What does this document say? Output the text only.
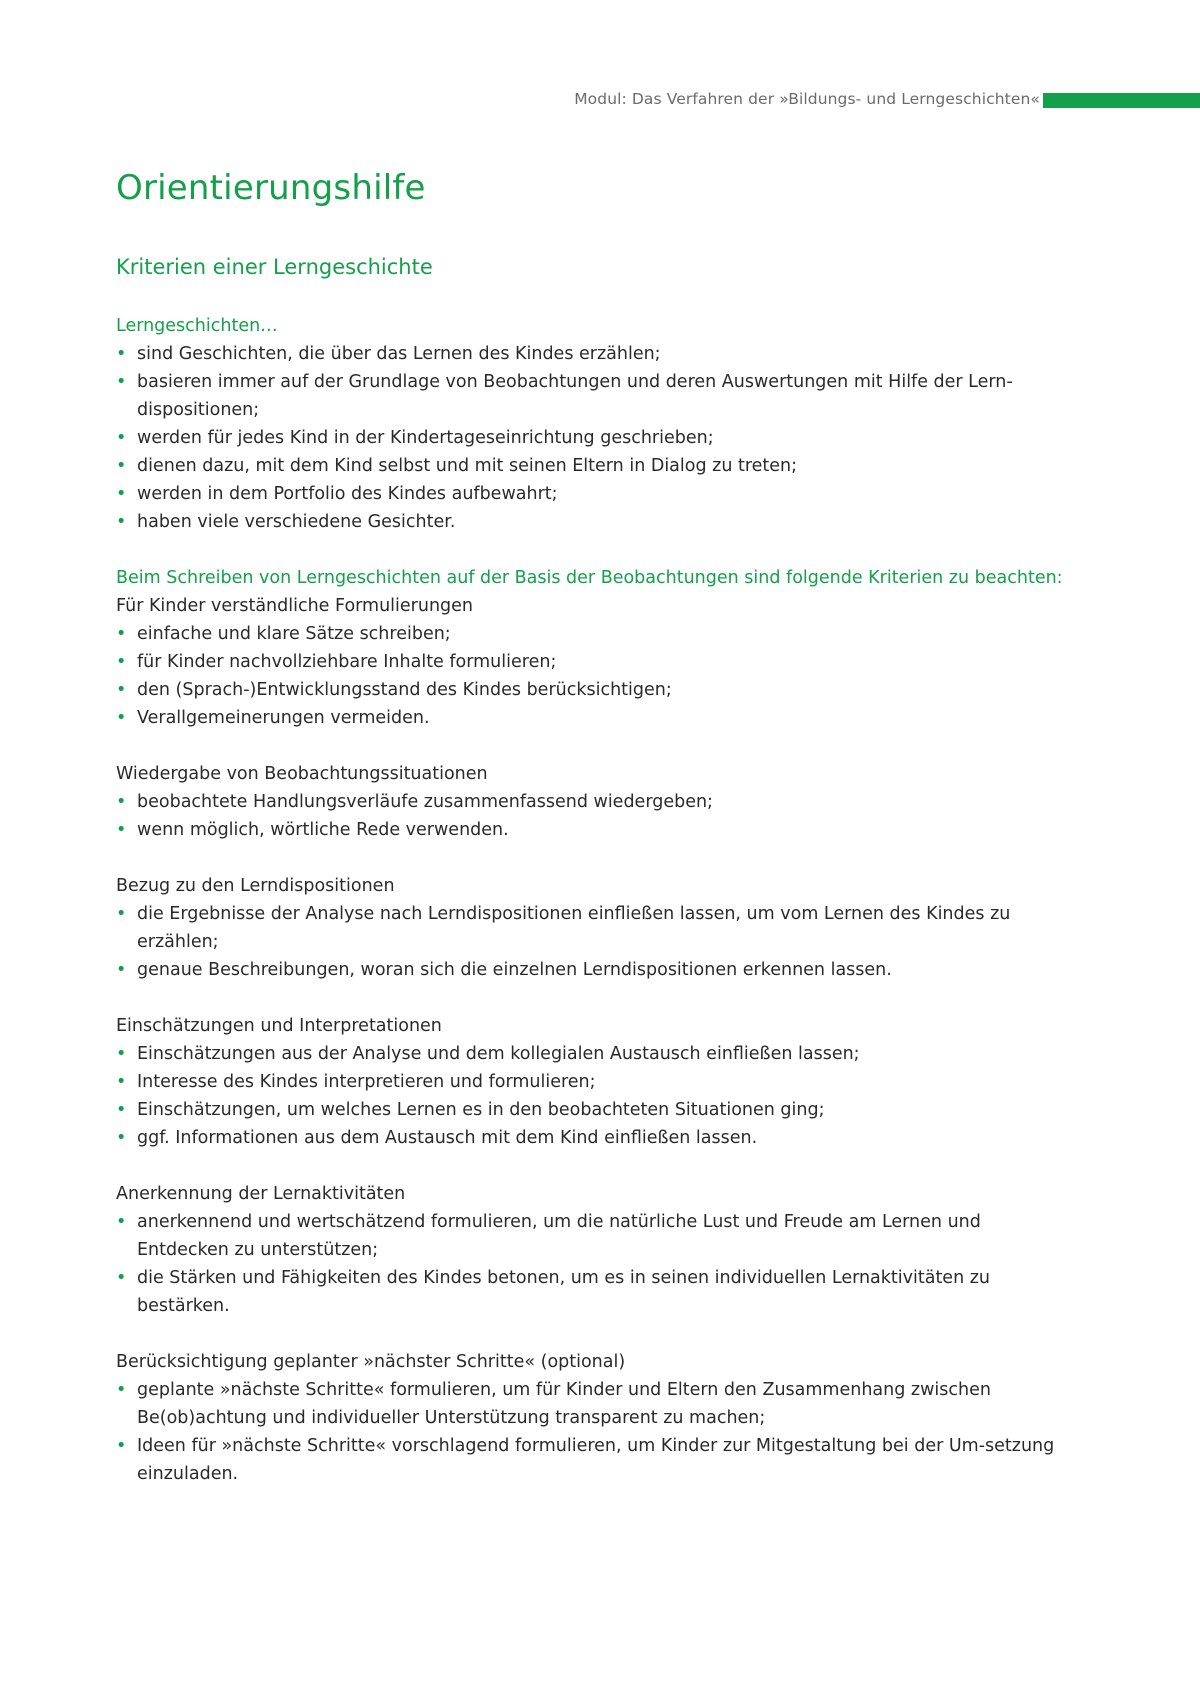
Modul: Das Verfahren der »Bildungs- und Lerngeschichten«
Orientierungshilfe
Kriterien einer Lerngeschichte

Lerngeschichten…

• sind Geschichten, die über das Lernen des Kindes erzählen;
• basieren immer auf der Grundlage von Beobachtungen und deren Auswertungen mit Hilfe der Lern-dispositionen;
• werden für jedes Kind in der Kindertageseinrichtung geschrieben;
• dienen dazu, mit dem Kind selbst und mit seinen Eltern in Dialog zu treten;
• werden in dem Portfolio des Kindes aufbewahrt;
• haben viele verschiedene Gesichter.

Beim Schreiben von Lerngeschichten auf der Basis der Beobachtungen sind folgende Kriterien zu beachten:

Für Kinder verständliche Formulierungen

• einfache und klare Sätze schreiben;
• für Kinder nachvollziehbare Inhalte formulieren;
• den (Sprach-)Entwicklungsstand des Kindes berücksichtigen;
• Verallgemeinerungen vermeiden.

Wiedergabe von Beobachtungssituationen

• beobachtete Handlungsverläufe zusammenfassend wiedergeben;
• wenn möglich, wörtliche Rede verwenden.

Bezug zu den Lerndispositionen

• die Ergebnisse der Analyse nach Lerndispositionen einfließen lassen, um vom Lernen des Kindes zu erzählen;
• genaue Beschreibungen, woran sich die einzelnen Lerndispositionen erkennen lassen.

Einschätzungen und Interpretationen

• Einschätzungen aus der Analyse und dem kollegialen Austausch einfließen lassen;
• Interesse des Kindes interpretieren und formulieren;
• Einschätzungen, um welches Lernen es in den beobachteten Situationen ging;
• ggf. Informationen aus dem Austausch mit dem Kind einfließen lassen.

Anerkennung der Lernaktivitäten

• anerkennend und wertschätzend formulieren, um die natürliche Lust und Freude am Lernen und Entdecken zu unterstützen;
• die Stärken und Fähigkeiten des Kindes betonen, um es in seinen individuellen Lernaktivitäten zu bestärken.

Berücksichtigung geplanter »nächster Schritte« (optional)

• geplante »nächste Schritte« formulieren, um für Kinder und Eltern den Zusammenhang zwischen Be(ob)achtung und individueller Unterstützung transparent zu machen;
• Ideen für »nächste Schritte« vorschlagend formulieren, um Kinder zur Mitgestaltung bei der Um-setzung einzuladen.
